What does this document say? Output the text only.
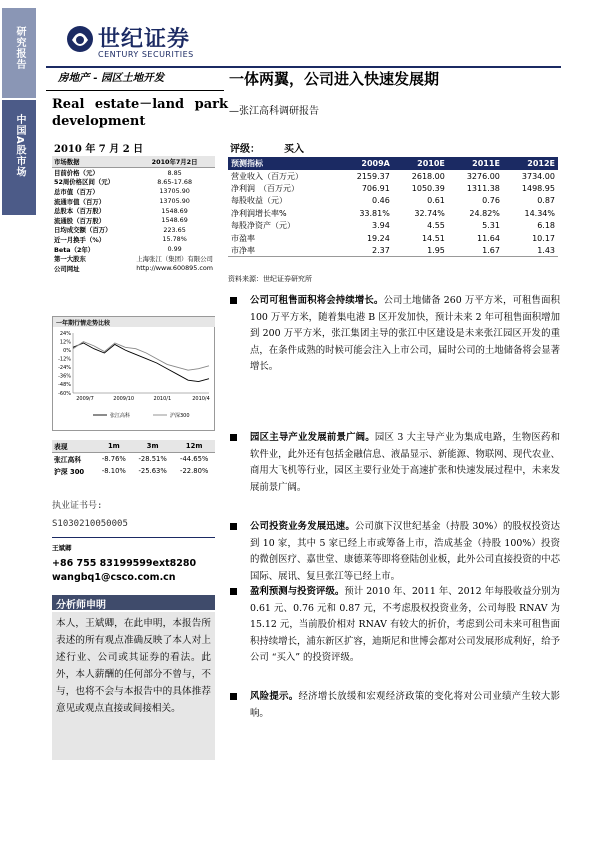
研究报告
中国A股市场
世纪证券
CENTURY SECURITIES
房地产 - 园区土地开发
Real estate－land park development
一体两翼，公司进入快速发展期
—张江高科调研报告
2010 年 7 月 2 日	评级： 买入
市场数据	2010年7月2日
目前价格（元）	8.85
52周价格区间（元）	8.65-17.68
总市值（百万）	13705.90
流通市值（百万）	13705.90
总股本（百万股）	1548.69
流通股（百万股）	1548.69
日均成交额（百万）	223.65
近一月换手（%）	15.78%
Beta（2年）	0.99
第一大股东	上海张江（集团）有限公司
公司网址	http://www.600895.com
预测指标	2009A	2010E	2011E	2012E
营业收入（百万元）	2159.37	2618.00	3276.00	3734.00
净利润　（百万元）	706.91	1050.39	1311.38	1498.95
每股收益（元）	0.46	0.61	0.76	0.87
净利润增长率%	33.81%	32.74%	24.82%	14.34%
每股净资产（元）	3.94	4.55	5.31	6.18
市盈率	19.24	14.51	11.64	10.17
市净率	2.37	1.95	1.67	1.43
资料来源：世纪证券研究所
一年期行情走势比较
24%
12%
0%
-12%
-24%
-36%
-48%
-60%
2009/7	2009/10	2010/1	2010/4
张江高科	沪深300
表现	1m	3m	12m
张江高科	-8.76%	-28.51%	-44.65%
沪深 300	-8.10%	-25.63%	-22.80%
执业证书号:
S1030210050005
王斌卿
+86 755 83199599ext8280
wangbq1@csco.com.cn
分析师申明
本人，王斌卿，在此申明，本报告所表述的所有观点准确反映了本人对上述行业、公司或其证券的看法。此外，本人薪酬的任何部分不曾与，不与，也将不会与本报告中的具体推荐意见或观点直接或间接相关。
公司可租售面积将会持续增长。公司土地储备 260 万平方米，可租售面积 100 万平方米，随着集电港 B 区开发加快，预计未来 2 年可租售面积增加到 200 万平方米，张江集团主导的张江中区建设是未来张江园区开发的重点，在条件成熟的时候可能会注入上市公司，届时公司的土地储备将会显著增长。
园区主导产业发展前景广阔。园区 3 大主导产业为集成电路，生物医药和软件业，此外还有包括金融信息、液晶显示、新能源、物联网、现代农业、商用大飞机等行业，园区主要行业处于高速扩张和快速发展过程中，未来发展前景广阔。
公司投资业务发展迅速。公司旗下汉世纪基金（持股 30%）的股权投资达到 10 家，其中 5 家已经上市或筹备上市，浩成基金（持股 100%）投资的微创医疗、嘉世堂、康德莱等即将登陆创业板，此外公司直接投资的中芯国际、展讯、复旦张江等已经上市。
盈利预测与投资评级。预计 2010 年、2011 年、2012 年每股收益分别为 0.61 元、0.76 元和 0.87 元，不考虑股权投资业务，公司每股 RNAV 为 15.12 元，当前股价相对 RNAV 有较大的折价，考虑到公司未来可租售面积持续增长，浦东新区扩容，迪斯尼和世博会都对公司发展形成利好，给予公司 “买入” 的投资评级。
风险提示。经济增长放缓和宏观经济政策的变化将对公司业绩产生较大影响。
